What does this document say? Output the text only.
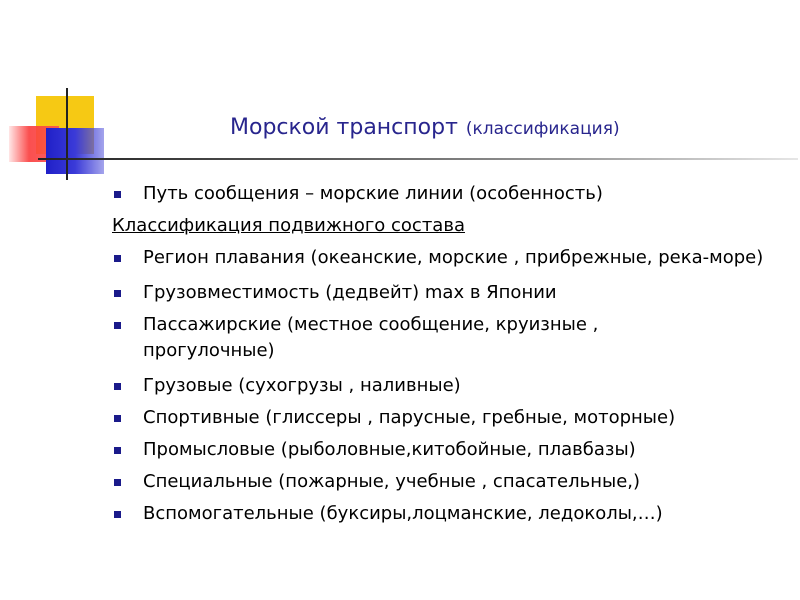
Морской транспорт (классификация)
Путь сообщения – морские линии (особенность)
Классификация подвижного состава
Регион плавания (океанские, морские , прибрежные, река-море)
Грузовместимость (дедвейт) max в Японии
Пассажирские (местное сообщение, круизные , прогулочные)
Грузовые (сухогрузы , наливные)
Спортивные (глиссеры , парусные, гребные, моторные)
Промысловые (рыболовные,китобойные, плавбазы)
Специальные (пожарные, учебные , спасательные,)
Вспомогательные (буксиры,лоцманские, ледоколы,…)
